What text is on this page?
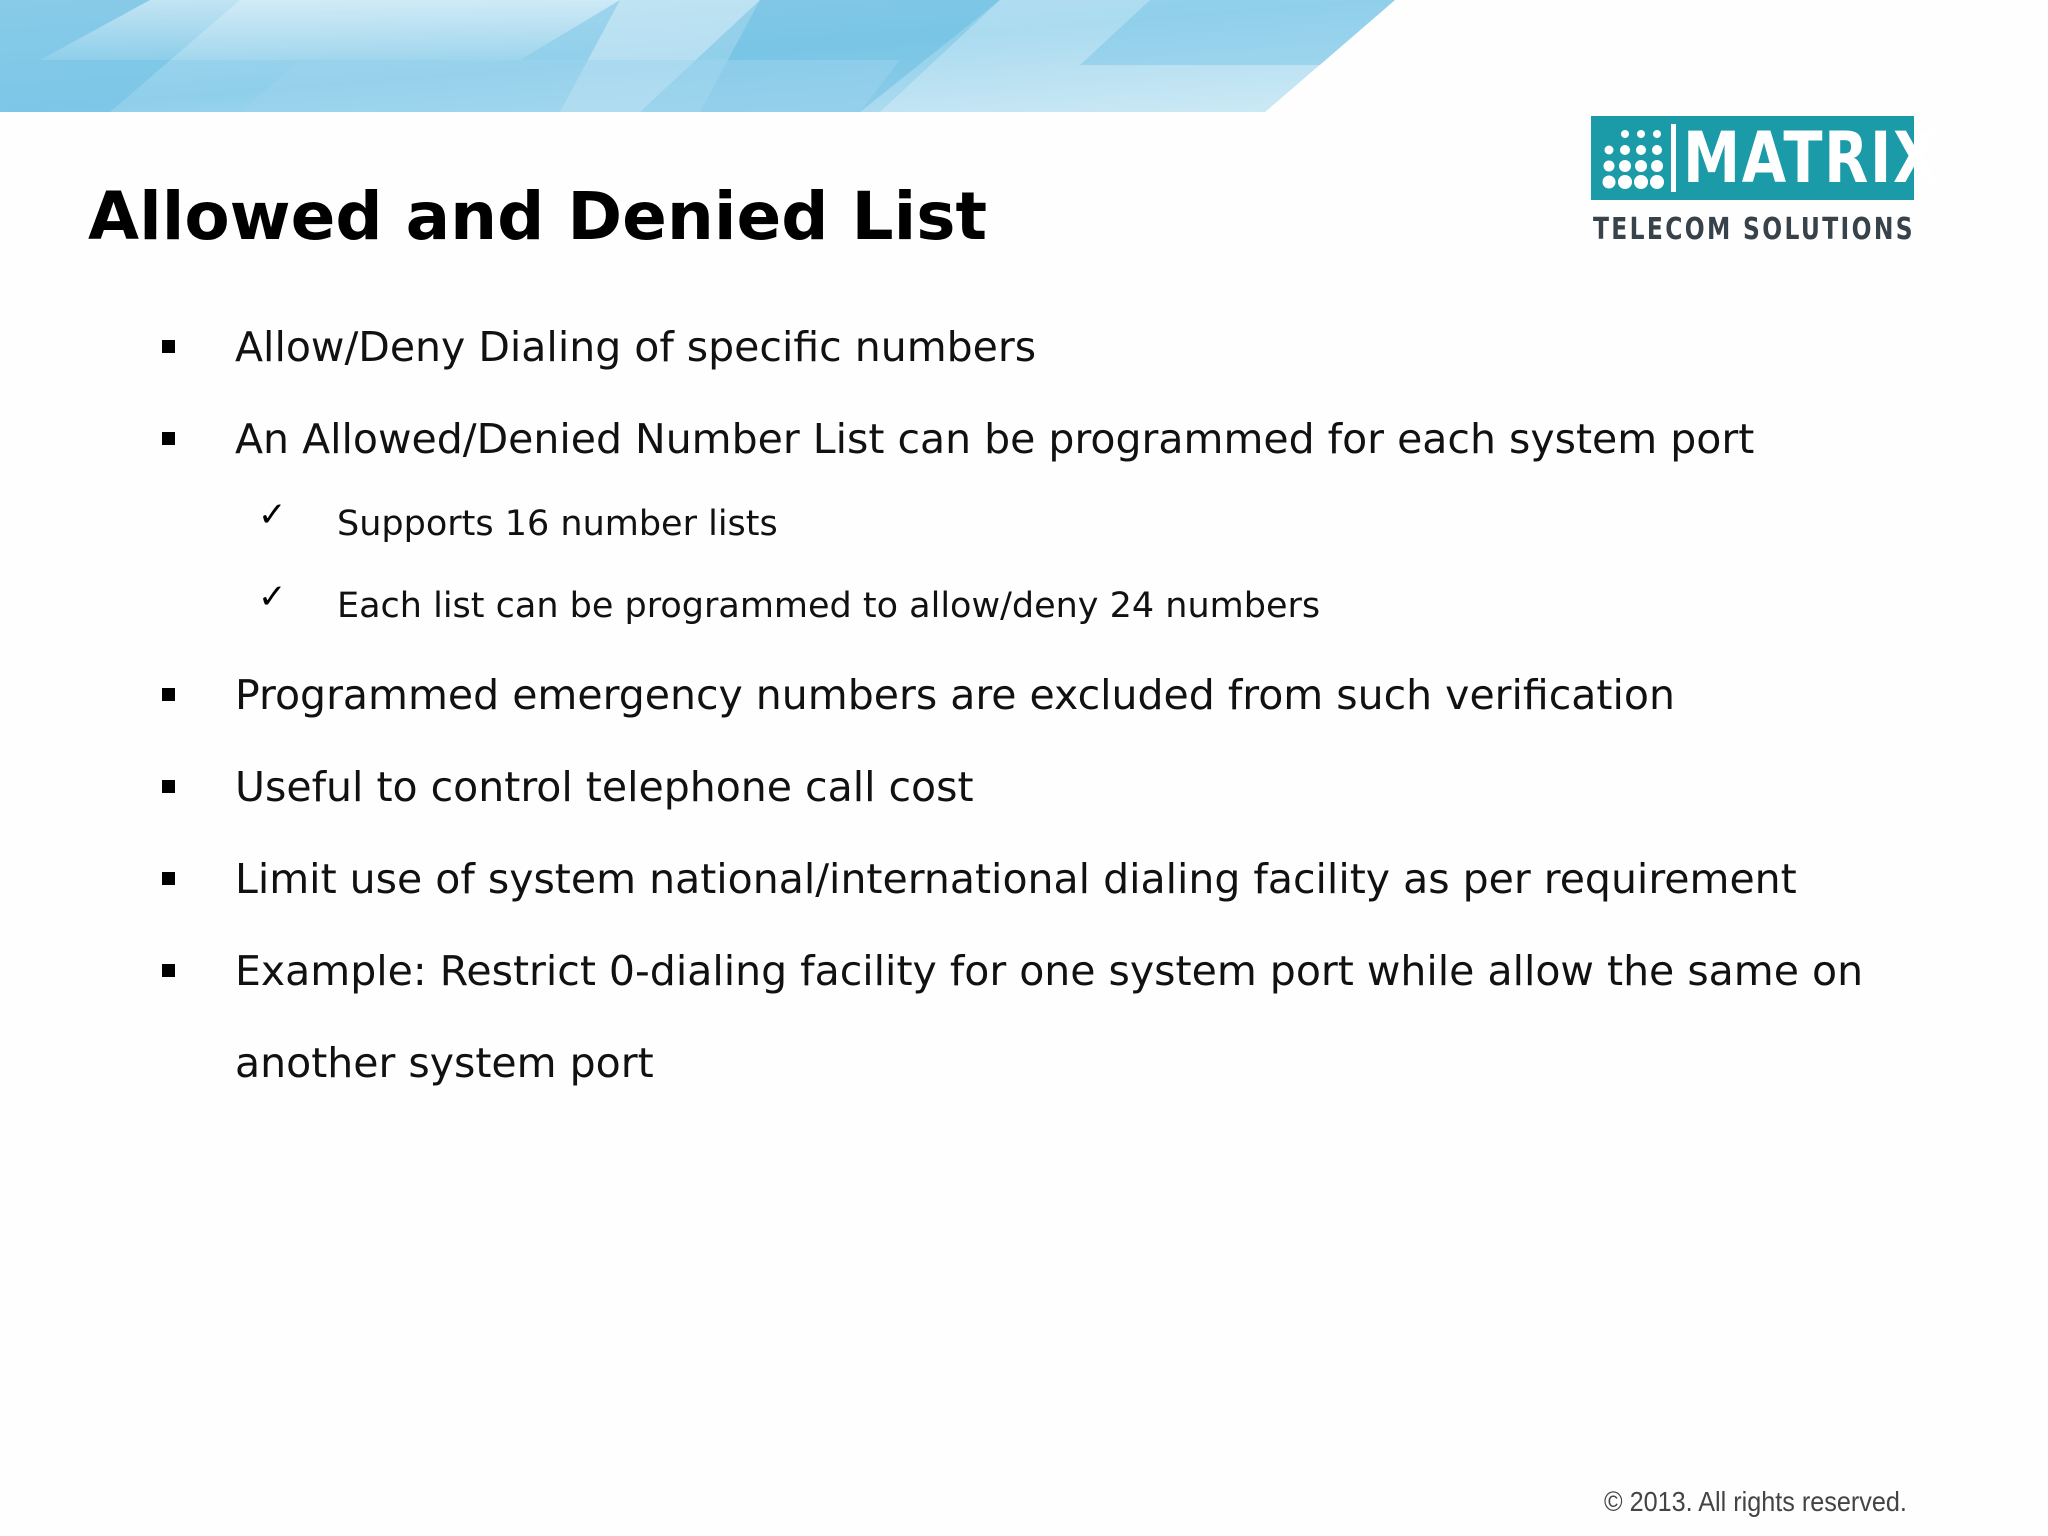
MATRIX
TELECOM SOLUTIONS
Allowed and Denied List
Allow/Deny Dialing of specific numbers
An Allowed/Denied Number List can be programmed for each system port
✓ Supports 16 number lists
✓ Each list can be programmed to allow/deny 24 numbers
Programmed emergency numbers are excluded from such verification
Useful to control telephone call cost
Limit use of system national/international dialing facility as per requirement
Example: Restrict 0-dialing facility for one system port while allow the same on
another system port
© 2013. All rights reserved.
